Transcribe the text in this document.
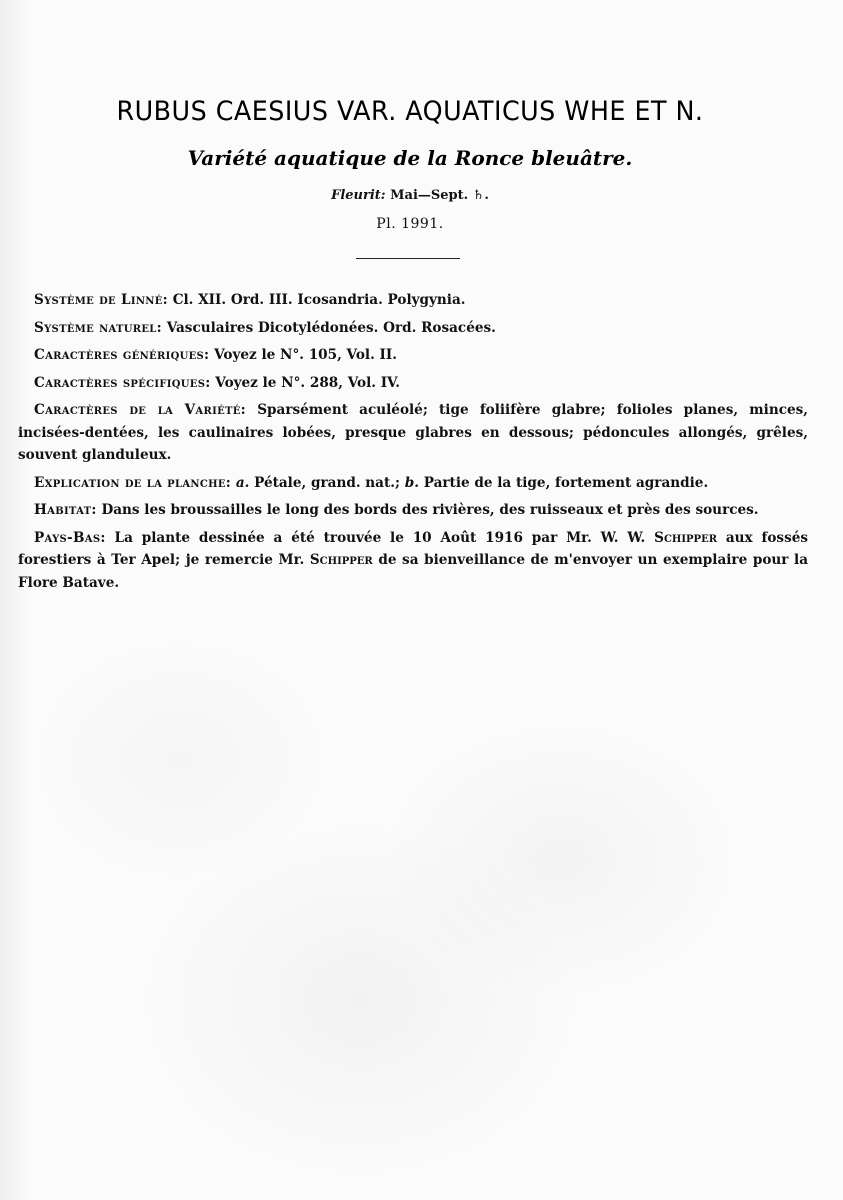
RUBUS CAESIUS VAR. AQUATICUS WHE ET N.
Variété aquatique de la Ronce bleuâtre.
Fleurit: Mai—Sept. ♄.
Pl. 1991.

Système de Linné: Cl. XII. Ord. III. Icosandria. Polygynia.

Système naturel: Vasculaires Dicotylédonées. Ord. Rosacées.

Caractères génériques: Voyez le N°. 105, Vol. II.

Caractères spécifiques: Voyez le N°. 288, Vol. IV.

Caractères de la Variété: Sparsément aculéolé; tige foliifère glabre; folioles planes, minces, incisées-dentées, les caulinaires lobées, presque glabres en dessous; pédoncules allongés, grêles, souvent glanduleux.

Explication de la planche: a. Pétale, grand. nat.; b. Partie de la tige, fortement agrandie.

Habitat: Dans les broussailles le long des bords des rivières, des ruisseaux et près des sources.

Pays-Bas: La plante dessinée a été trouvée le 10 Août 1916 par Mr. W. W. Schipper aux fossés forestiers à Ter Apel; je remercie Mr. Schipper de sa bienveillance de m'envoyer un exemplaire pour la Flore Batave.
